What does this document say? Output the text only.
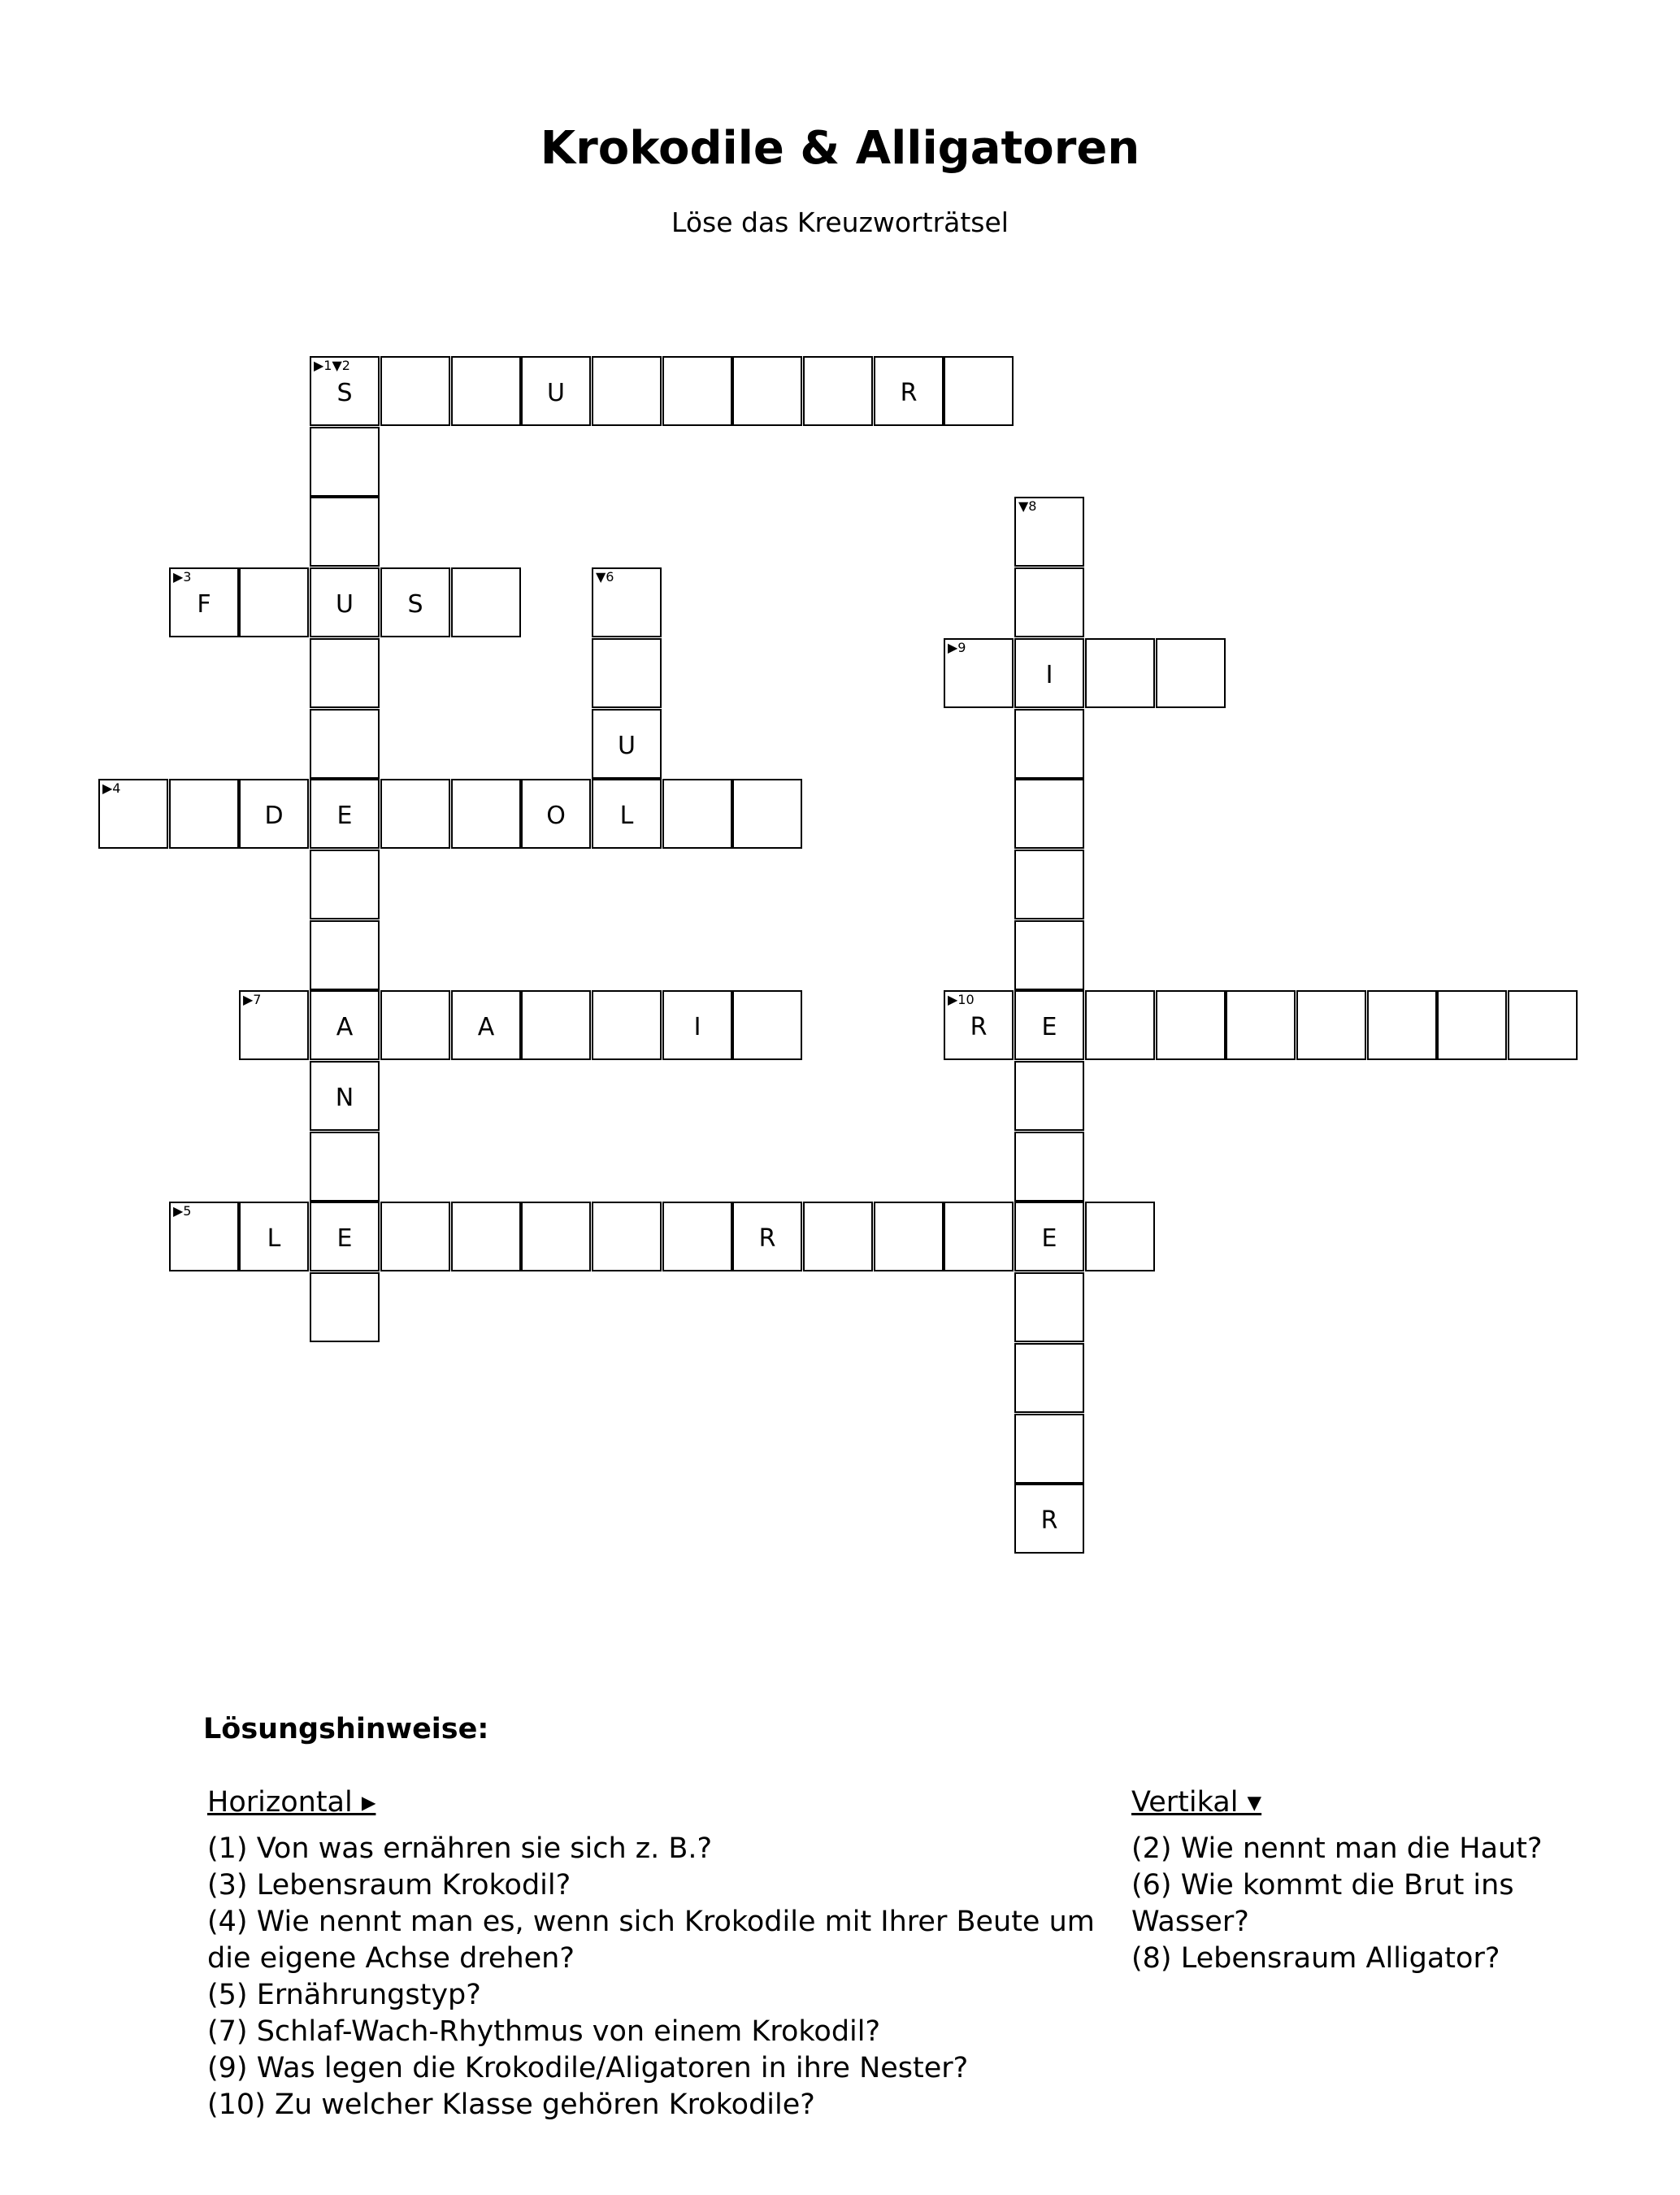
Krokodile & Alligatoren
Löse das Kreuzworträtsel
▶1▼2
S	U	R
▼8
▶3
F	U	S
▼6
▶9
I
U
▶4
D	E	O	L
▶7
A	A	I
▶10
R	E
N
▶5
L	E	R	E
R
Lösungshinweise:
Horizontal ▸
(1) Von was ernähren sie sich z. B.?
(3) Lebensraum Krokodil?
(4) Wie nennt man es, wenn sich Krokodile mit Ihrer Beute um die eigene Achse drehen?
(5) Ernährungstyp?
(7) Schlaf-Wach-Rhythmus von einem Krokodil?
(9) Was legen die Krokodile/Aligatoren in ihre Nester?
(10) Zu welcher Klasse gehören Krokodile?
Vertikal ▾
(2) Wie nennt man die Haut?
(6) Wie kommt die Brut ins Wasser?
(8) Lebensraum Alligator?
